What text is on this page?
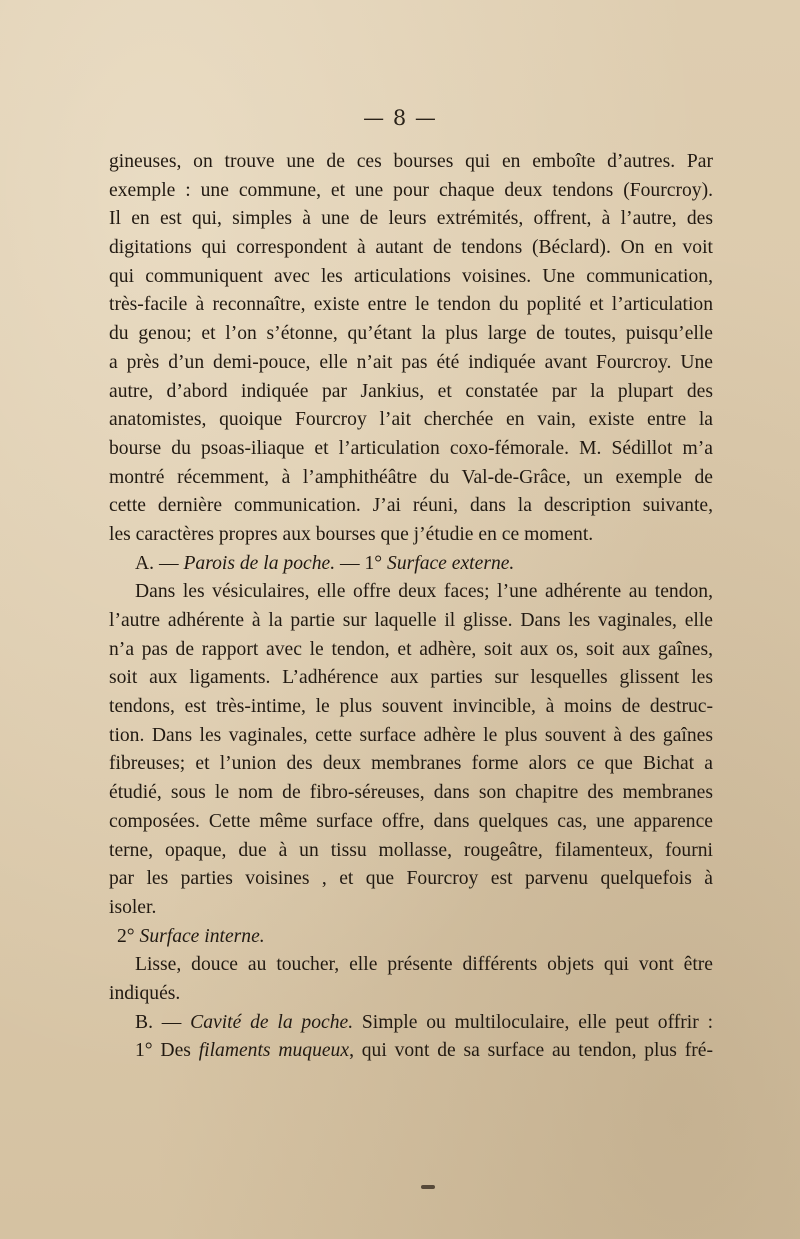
— 8 —
gineuses, on trouve une de ces bourses qui en emboîte d’autres. Par
exemple : une commune, et une pour chaque deux tendons (Fourcroy).
Il en est qui, simples à une de leurs extrémités, offrent, à l’autre, des
digitations qui correspondent à autant de tendons (Béclard). On en voit
qui communiquent avec les articulations voisines. Une communication,
très-facile à reconnaître, existe entre le tendon du poplité et l’articulation
du genou; et l’on s’étonne, qu’étant la plus large de toutes, puisqu’elle
a près d’un demi-pouce, elle n’ait pas été indiquée avant Fourcroy. Une
autre, d’abord indiquée par Jankius, et constatée par la plupart des
anatomistes, quoique Fourcroy l’ait cherchée en vain, existe entre la
bourse du psoas-iliaque et l’articulation coxo-fémorale. M. Sédillot m’a
montré récemment, à l’amphithéâtre du Val-de-Grâce, un exemple de
cette dernière communication. J’ai réuni, dans la description suivante,
les caractères propres aux bourses que j’étudie en ce moment.
A. — Parois de la poche. — 1° Surface externe.
Dans les vésiculaires, elle offre deux faces; l’une adhérente au tendon,
l’autre adhérente à la partie sur laquelle il glisse. Dans les vaginales, elle
n’a pas de rapport avec le tendon, et adhère, soit aux os, soit aux gaînes,
soit aux ligaments. L’adhérence aux parties sur lesquelles glissent les
tendons, est très-intime, le plus souvent invincible, à moins de destruc-
tion. Dans les vaginales, cette surface adhère le plus souvent à des gaînes
fibreuses; et l’union des deux membranes forme alors ce que Bichat a
étudié, sous le nom de fibro-séreuses, dans son chapitre des membranes
composées. Cette même surface offre, dans quelques cas, une apparence
terne, opaque, due à un tissu mollasse, rougeâtre, filamenteux, fourni
par les parties voisines , et que Fourcroy est parvenu quelquefois à
isoler.
2° Surface interne.
Lisse, douce au toucher, elle présente différents objets qui vont être
indiqués.
B. — Cavité de la poche. Simple ou multiloculaire, elle peut offrir :
1° Des filaments muqueux, qui vont de sa surface au tendon, plus fré-
